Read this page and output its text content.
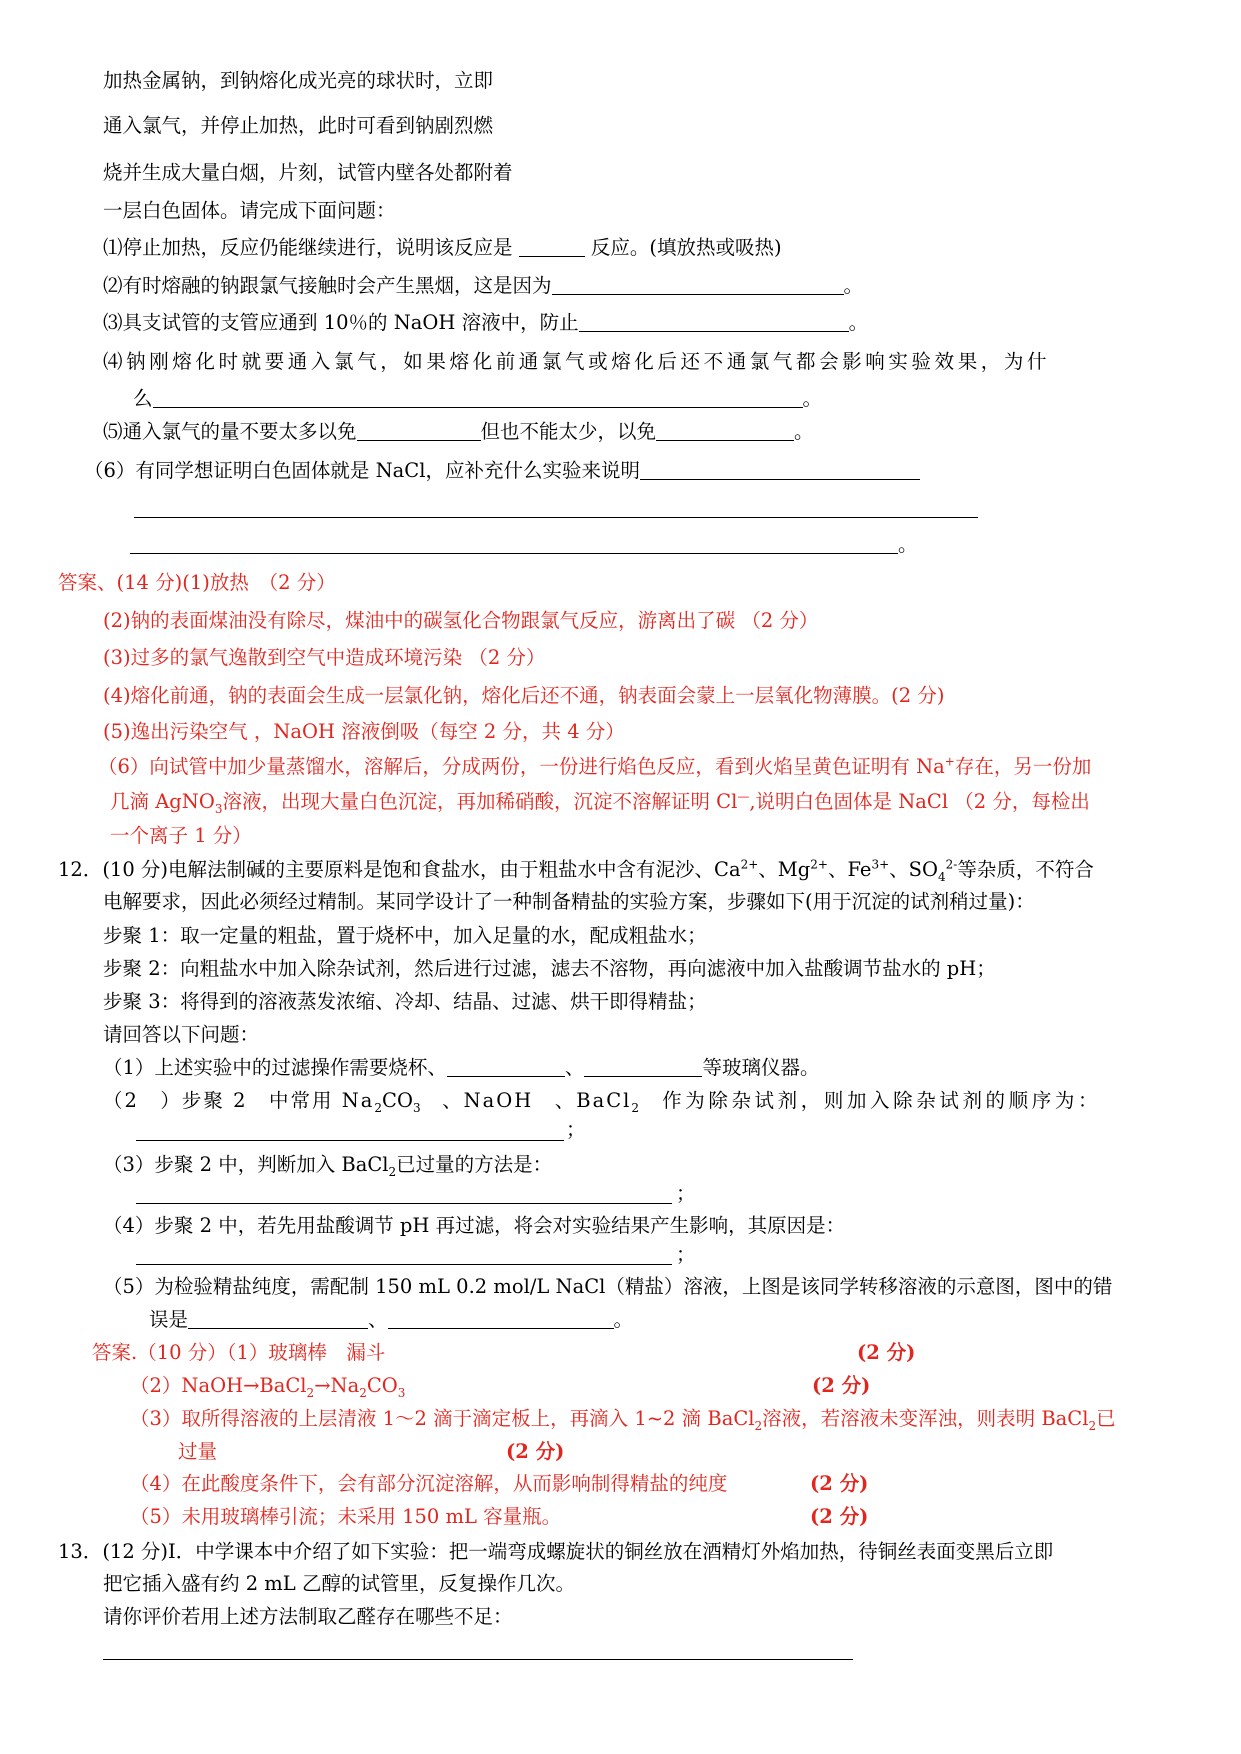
加热金属钠，到钠熔化成光亮的球状时，立即
通入氯气，并停止加热，此时可看到钠剧烈燃
烧并生成大量白烟，片刻，试管内壁各处都附着
一层白色固体。请完成下面问题：
⑴停止加热，反应仍能继续进行，说明该反应是	反应。(填放热或吸热)
⑵有时熔融的钠跟氯气接触时会产生黑烟，这是因为	。
⑶具支试管的支管应通到 10％的 NaOH 溶液中，防止	。
⑷钠刚熔化时就要通入氯气，如果熔化前通氯气或熔化后还不通氯气都会影响实验效果，为什
么	。
⑸通入氯气的量不要太多以免	但也不能太少，以免	。
（6）有同学想证明白色固体就是 NaCl，应补充什么实验来说明
。
答案、(14 分)(1)放热　（2 分）
(2)钠的表面煤油没有除尽，煤油中的碳氢化合物跟氯气反应，游离出了碳 （2 分）
(3)过多的氯气逸散到空气中造成环境污染 （2 分）
(4)熔化前通，钠的表面会生成一层氯化钠，熔化后还不通，钠表面会蒙上一层氧化物薄膜。(2 分)
(5)逸出污染空气 ，NaOH 溶液倒吸（每空 2 分，共 4 分）
（6）向试管中加少量蒸馏水，溶解后，分成两份，一份进行焰色反应，看到火焰呈黄色证明有 Na+存在，另一份加
几滴 AgNO$_3$溶液，出现大量白色沉淀，再加稀硝酸，沉淀不溶解证明 Cl—,说明白色固体是 NaCl （2 分，每检出
一个离子 1 分）
12．(10 分)电解法制碱的主要原料是饱和食盐水，由于粗盐水中含有泥沙、$Ca^{2+}$、$Mg^{2+}$、$Fe^{3+}$、$SO_4^{2-}$等杂质，不符合
电解要求，因此必须经过精制。某同学设计了一种制备精盐的实验方案，步骤如下(用于沉淀的试剂稍过量)：
步聚 1：取一定量的粗盐，置于烧杯中，加入足量的水，配成粗盐水；
步聚 2：向粗盐水中加入除杂试剂，然后进行过滤，滤去不溶物，再向滤液中加入盐酸调节盐水的 pH；
步聚 3：将得到的溶液蒸发浓缩、冷却、结晶、过滤、烘干即得精盐；
请回答以下问题：
（1）上述实验中的过滤操作需要烧杯、	、	等玻璃仪器。
（2　）步聚 2　中常用 $Na_2CO_3$　、NaOH　、BaCl$_2$　作为除杂试剂，则加入除杂试剂的顺序为：
；
（3）步聚 2 中，判断加入 BaCl$_2$已过量的方法是：
；
（4）步聚 2 中，若先用盐酸调节 pH 再过滤，将会对实验结果产生影响，其原因是：
；
（5）为检验精盐纯度，需配制 150 mL 0.2 mol/L NaCl（精盐）溶液，上图是该同学转移溶液的示意图，图中的错
误是	、	。
答案.（10 分）（1）玻璃棒　漏斗	(2 分)
$(2)NaOH\to BaCl_2\to Na_2CO_3$	(2 分)
（3）取所得溶液的上层清液 1～2 滴于滴定板上，再滴入 1~2 滴 BaCl$_2$溶液，若溶液未变浑浊，则表明 BaCl$_2$已
过量	(2 分)
（4）在此酸度条件下，会有部分沉淀溶解，从而影响制得精盐的纯度	(2 分)
（5）未用玻璃棒引流；未采用 150 mL 容量瓶。	(2 分)
13．(12 分)Ⅰ．中学课本中介绍了如下实验：把一端弯成螺旋状的铜丝放在酒精灯外焰加热，待铜丝表面变黑后立即
把它插入盛有约 2 mL 乙醇的试管里，反复操作几次。
请你评价若用上述方法制取乙醛存在哪些不足：
